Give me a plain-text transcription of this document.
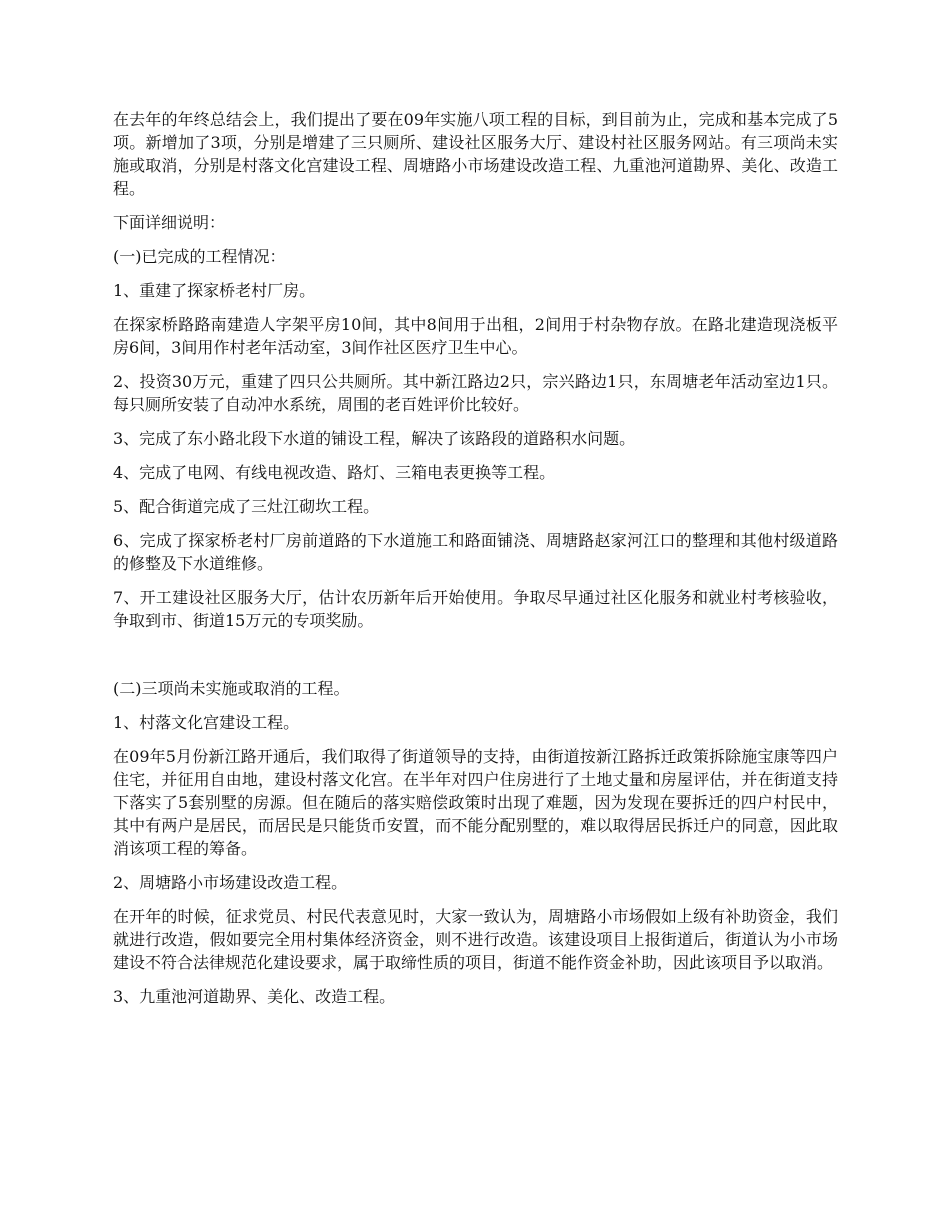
在去年的年终总结会上，我们提出了要在09年实施八项工程的目标，到目前为止，完成和基本完成了5项。新增加了3项，分别是增建了三只厕所、建设社区服务大厅、建设村社区服务网站。有三项尚未实施或取消，分别是村落文化宫建设工程、周塘路小市场建设改造工程、九重池河道勘界、美化、改造工程。

下面详细说明：

(一)已完成的工程情况：

1、重建了探家桥老村厂房。

在探家桥路路南建造人字架平房10间，其中8间用于出租，2间用于村杂物存放。在路北建造现浇板平房6间，3间用作村老年活动室，3间作社区医疗卫生中心。

2、投资30万元，重建了四只公共厕所。其中新江路边2只，宗兴路边1只，东周塘老年活动室边1只。每只厕所安装了自动冲水系统，周围的老百姓评价比较好。

3、完成了东小路北段下水道的铺设工程，解决了该路段的道路积水问题。

4、完成了电网、有线电视改造、路灯、三箱电表更换等工程。

5、配合街道完成了三灶江砌坎工程。

6、完成了探家桥老村厂房前道路的下水道施工和路面铺浇、周塘路赵家河江口的整理和其他村级道路的修整及下水道维修。

7、开工建设社区服务大厅，估计农历新年后开始使用。争取尽早通过社区化服务和就业村考核验收，争取到市、街道15万元的专项奖励。

(二)三项尚未实施或取消的工程。

1、村落文化宫建设工程。

在09年5月份新江路开通后，我们取得了街道领导的支持，由街道按新江路拆迁政策拆除施宝康等四户住宅，并征用自由地，建设村落文化宫。在半年对四户住房进行了土地丈量和房屋评估，并在街道支持下落实了5套别墅的房源。但在随后的落实赔偿政策时出现了难题，因为发现在要拆迁的四户村民中，其中有两户是居民，而居民是只能货币安置，而不能分配别墅的，难以取得居民拆迁户的同意，因此取消该项工程的筹备。

2、周塘路小市场建设改造工程。

在开年的时候，征求党员、村民代表意见时，大家一致认为，周塘路小市场假如上级有补助资金，我们就进行改造，假如要完全用村集体经济资金，则不进行改造。该建设项目上报街道后，街道认为小市场建设不符合法律规范化建设要求，属于取缔性质的项目，街道不能作资金补助，因此该项目予以取消。

3、九重池河道勘界、美化、改造工程。
